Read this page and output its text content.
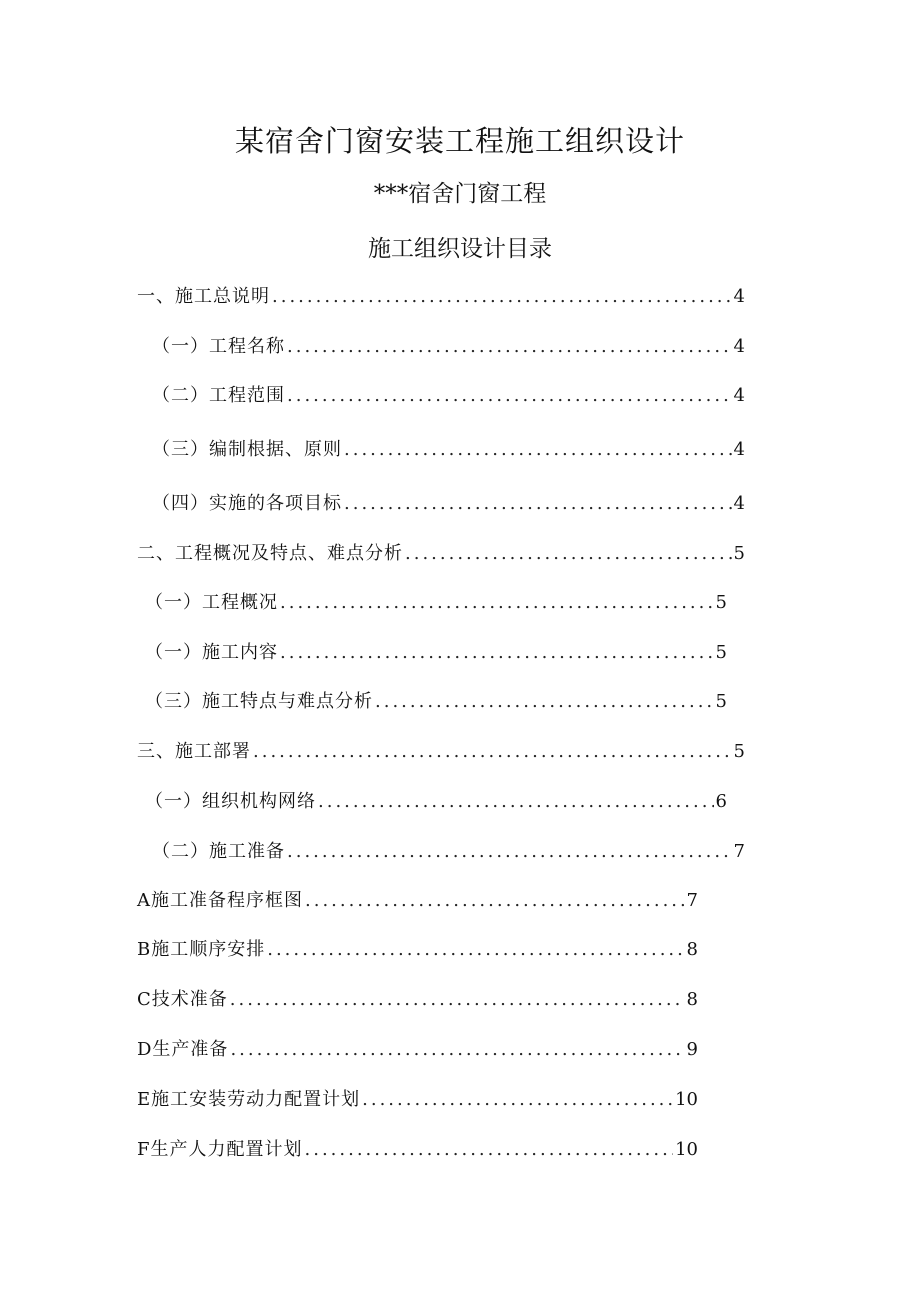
某宿舍门窗安装工程施工组织设计
***宿舍门窗工程
施工组织设计目录
一、施工总说明 .....	4
（一）工程名称 .....	4
（二）工程范围 .....	4
（三）编制根据、原则 .....	4
（四）实施的各项目标 .....	4
二、工程概况及特点、难点分析 .....	5
（一）工程概况 .....	5
（一）施工内容 .....	5
（三）施工特点与难点分析 .....	5
三、施工部署 .....	5
（一）组织机构网络 .....	6
（二）施工准备 .....	7
A施工准备程序框图 .....	7
B施工顺序安排 .....	8
C技术准备 .....	8
D生产准备 .....	9
E施工安装劳动力配置计划 .....	10
F生产人力配置计划 .....	10
